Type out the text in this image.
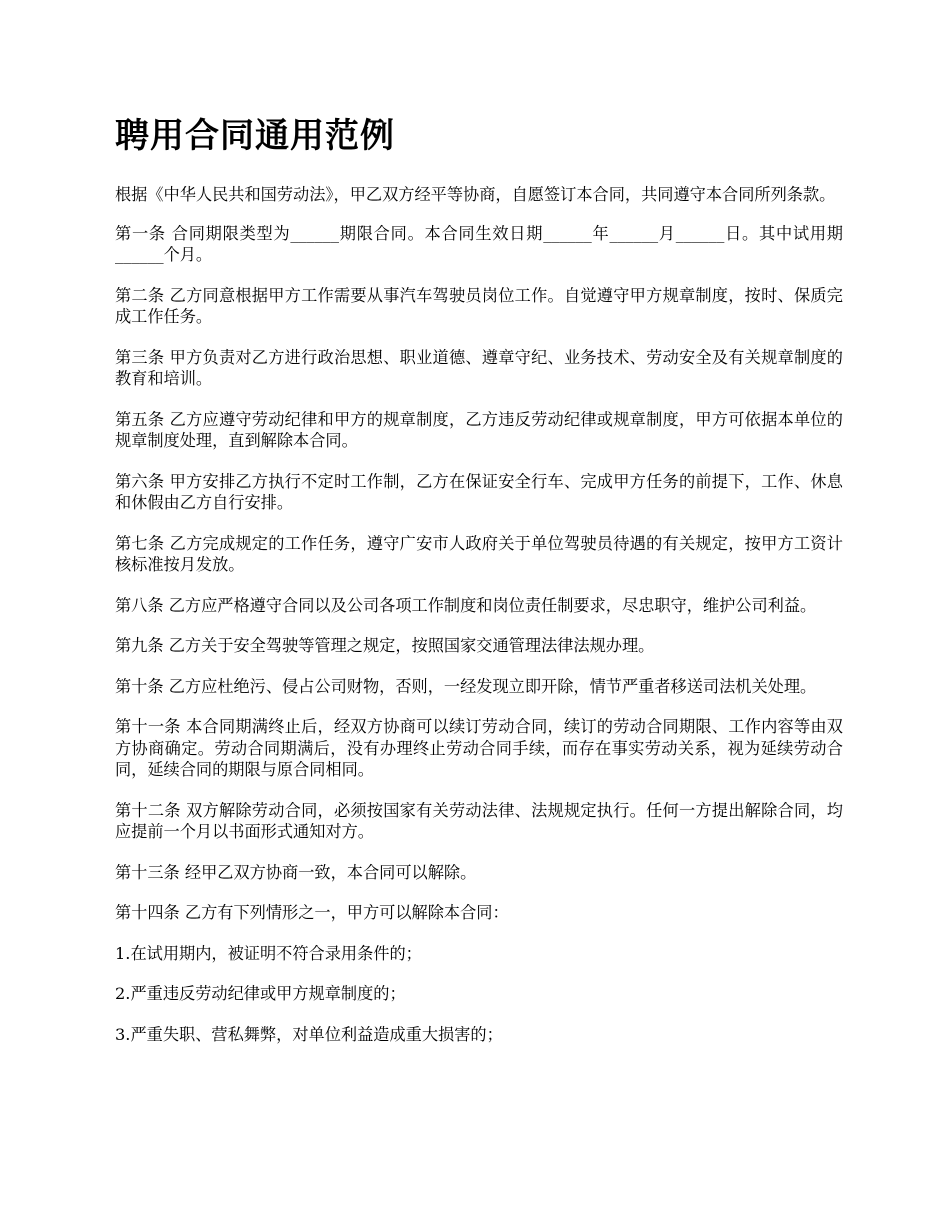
聘用合同通用范例

根据《中华人民共和国劳动法》，甲乙双方经平等协商，自愿签订本合同，共同遵守本合同所列条款。

第一条 合同期限类型为______期限合同。本合同生效日期______年______月______日。其中试用期______个月。

第二条 乙方同意根据甲方工作需要从事汽车驾驶员岗位工作。自觉遵守甲方规章制度，按时、保质完成工作任务。

第三条 甲方负责对乙方进行政治思想、职业道德、遵章守纪、业务技术、劳动安全及有关规章制度的教育和培训。

第五条 乙方应遵守劳动纪律和甲方的规章制度，乙方违反劳动纪律或规章制度，甲方可依据本单位的规章制度处理，直到解除本合同。

第六条 甲方安排乙方执行不定时工作制，乙方在保证安全行车、完成甲方任务的前提下，工作、休息和休假由乙方自行安排。

第七条 乙方完成规定的工作任务，遵守广安市人政府关于单位驾驶员待遇的有关规定，按甲方工资计核标准按月发放。

第八条 乙方应严格遵守合同以及公司各项工作制度和岗位责任制要求，尽忠职守，维护公司利益。

第九条 乙方关于安全驾驶等管理之规定，按照国家交通管理法律法规办理。

第十条 乙方应杜绝污、侵占公司财物，否则，一经发现立即开除，情节严重者移送司法机关处理。

第十一条 本合同期满终止后，经双方协商可以续订劳动合同，续订的劳动合同期限、工作内容等由双方协商确定。劳动合同期满后，没有办理终止劳动合同手续，而存在事实劳动关系，视为延续劳动合同，延续合同的期限与原合同相同。

第十二条 双方解除劳动合同，必须按国家有关劳动法律、法规规定执行。任何一方提出解除合同，均应提前一个月以书面形式通知对方。

第十三条 经甲乙双方协商一致，本合同可以解除。

第十四条 乙方有下列情形之一，甲方可以解除本合同：

1.在试用期内，被证明不符合录用条件的；

2.严重违反劳动纪律或甲方规章制度的；

3.严重失职、营私舞弊，对单位利益造成重大损害的；
